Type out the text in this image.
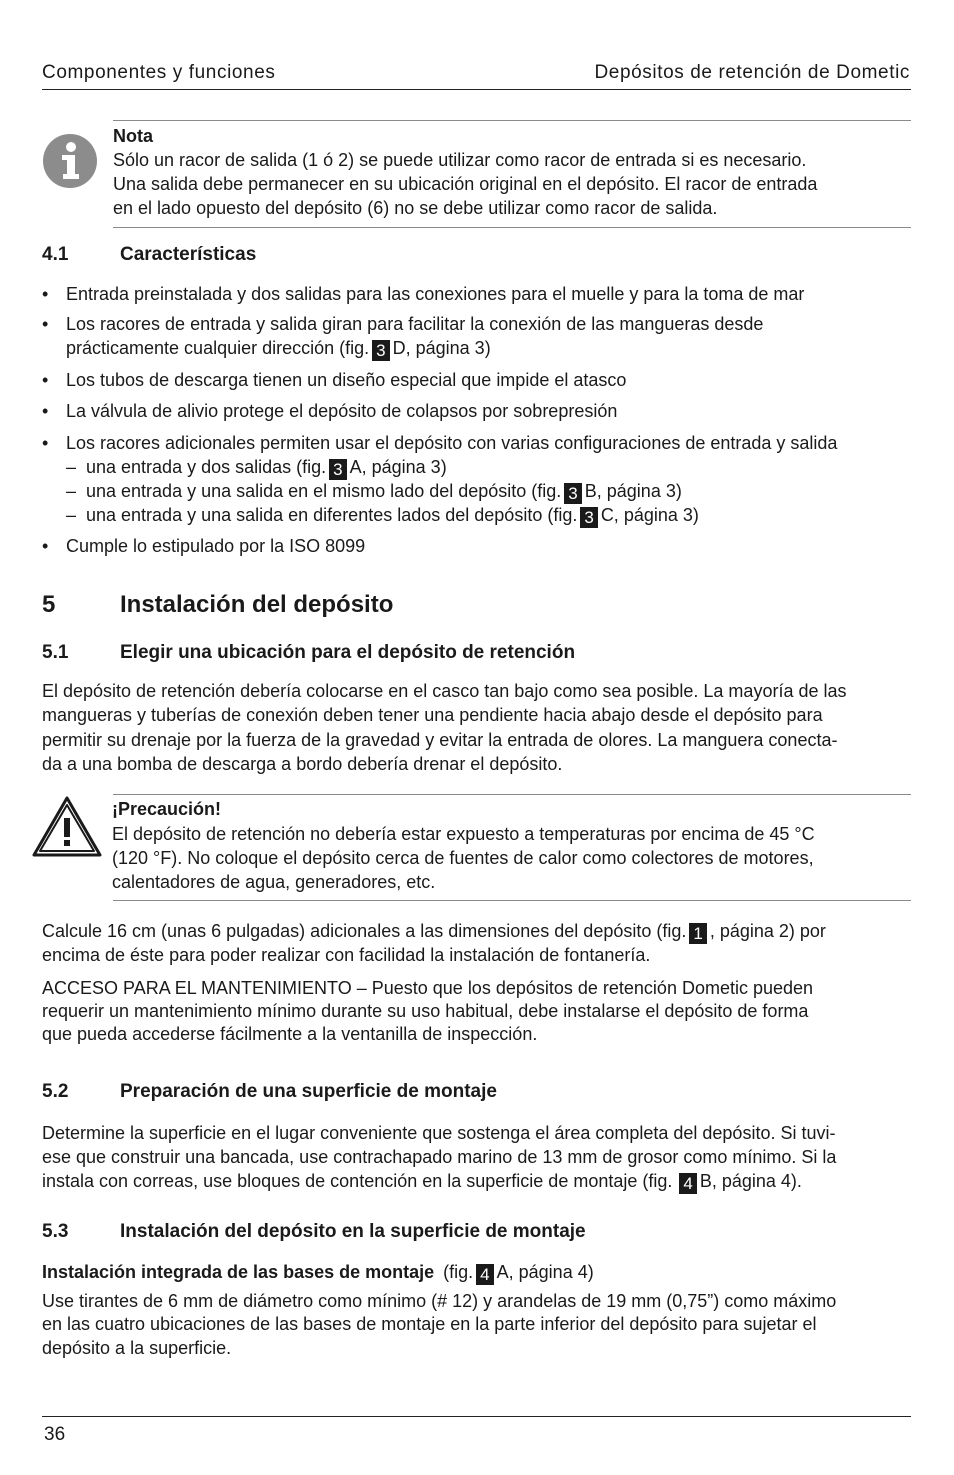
Componentes y funciones	Depósitos de retención de Dometic
Nota
Sólo un racor de salida (1 ó 2) se puede utilizar como racor de entrada si es necesario.
Una salida debe permanecer en su ubicación original en el depósito. El racor de entrada
en el lado opuesto del depósito (6) no se debe utilizar como racor de salida.
4.1	Características
• Entrada preinstalada y dos salidas para las conexiones para el muelle y para la toma de mar
• Los racores de entrada y salida giran para facilitar la conexión de las mangueras desde
prácticamente cualquier dirección (fig. 3 D, página 3)
• Los tubos de descarga tienen un diseño especial que impide el atasco
• La válvula de alivio protege el depósito de colapsos por sobrepresión
• Los racores adicionales permiten usar el depósito con varias configuraciones de entrada y salida
– una entrada y dos salidas (fig. 3 A, página 3)
– una entrada y una salida en el mismo lado del depósito (fig. 3 B, página 3)
– una entrada y una salida en diferentes lados del depósito (fig. 3 C, página 3)
• Cumple lo estipulado por la ISO 8099
5	Instalación del depósito
5.1	Elegir una ubicación para el depósito de retención
El depósito de retención debería colocarse en el casco tan bajo como sea posible. La mayoría de las
mangueras y tuberías de conexión deben tener una pendiente hacia abajo desde el depósito para
permitir su drenaje por la fuerza de la gravedad y evitar la entrada de olores. La manguera conecta-
da a una bomba de descarga a bordo debería drenar el depósito.
¡Precaución!
El depósito de retención no debería estar expuesto a temperaturas por encima de 45 °C
(120 °F). No coloque el depósito cerca de fuentes de calor como colectores de motores,
calentadores de agua, generadores, etc.
Calcule 16 cm (unas 6 pulgadas) adicionales a las dimensiones del depósito (fig. 1 , página 2) por
encima de éste para poder realizar con facilidad la instalación de fontanería.
ACCESO PARA EL MANTENIMIENTO – Puesto que los depósitos de retención Dometic pueden
requerir un mantenimiento mínimo durante su uso habitual, debe instalarse el depósito de forma
que pueda accederse fácilmente a la ventanilla de inspección.
5.2	Preparación de una superficie de montaje
Determine la superficie en el lugar conveniente que sostenga el área completa del depósito. Si tuvi-
ese que construir una bancada, use contrachapado marino de 13 mm de grosor como mínimo. Si la
instala con correas, use bloques de contención en la superficie de montaje (fig. 4 B, página 4).
5.3	Instalación del depósito en la superficie de montaje
Instalación integrada de las bases de montaje (fig. 4 A, página 4)
Use tirantes de 6 mm de diámetro como mínimo (# 12) y arandelas de 19 mm (0,75”) como máximo
en las cuatro ubicaciones de las bases de montaje en la parte inferior del depósito para sujetar el
depósito a la superficie.
36
